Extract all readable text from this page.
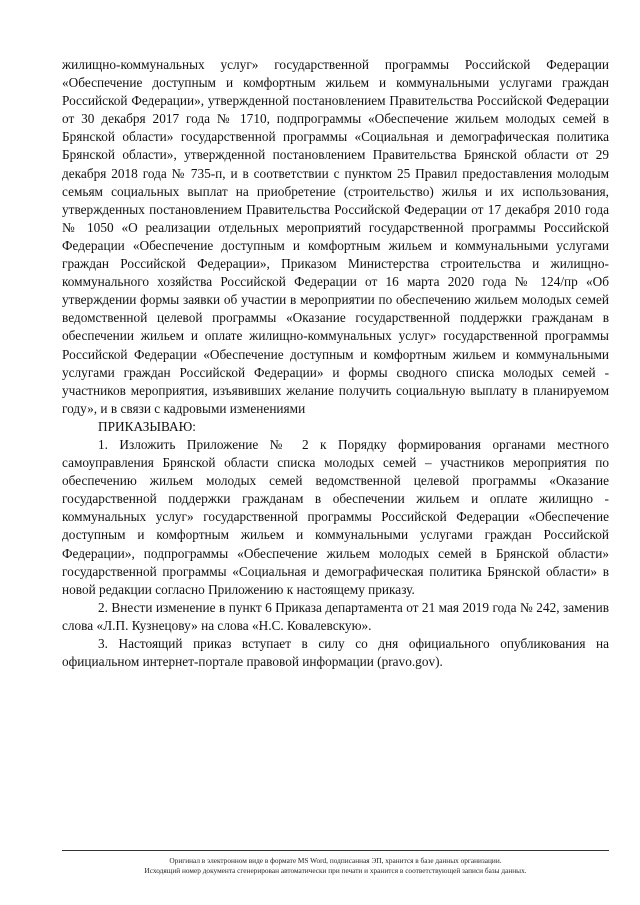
жилищно-коммунальных услуг» государственной программы Российской Федерации «Обеспечение доступным и комфортным жильем и коммунальными услугами граждан Российской Федерации», утвержденной постановлением Правительства Российской Федерации от 30 декабря 2017 года № 1710, подпрограммы «Обеспечение жильем молодых семей в Брянской области» государственной программы «Социальная и демографическая политика Брянской области», утвержденной постановлением Правительства Брянской области от 29 декабря 2018 года № 735-п, и в соответствии с пунктом 25 Правил предоставления молодым семьям социальных выплат на приобретение (строительство) жилья и их использования, утвержденных постановлением Правительства Российской Федерации от 17 декабря 2010 года № 1050 «О реализации отдельных мероприятий государственной программы Российской Федерации «Обеспечение доступным и комфортным жильем и коммунальными услугами граждан Российской Федерации», Приказом Министерства строительства и жилищно-коммунального хозяйства Российской Федерации от 16 марта 2020 года № 124/пр «Об утверждении формы заявки об участии в мероприятии по обеспечению жильем молодых семей ведомственной целевой программы «Оказание государственной поддержки гражданам в обеспечении жильем и оплате жилищно-коммунальных услуг» государственной программы Российской Федерации «Обеспечение доступным и комфортным жильем и коммунальными услугами граждан Российской Федерации» и формы сводного списка молодых семей - участников мероприятия, изъявивших желание получить социальную выплату в планируемом году», и в связи с кадровыми изменениями

ПРИКАЗЫВАЮ:

1. Изложить Приложение № 2 к Порядку формирования органами местного самоуправления Брянской области списка молодых семей – участников мероприятия по обеспечению жильем молодых семей ведомственной целевой программы «Оказание государственной поддержки гражданам в обеспечении жильем и оплате жилищно - коммунальных услуг» государственной программы Российской Федерации «Обеспечение доступным и комфортным жильем и коммунальными услугами граждан Российской Федерации», подпрограммы «Обеспечение жильем молодых семей в Брянской области» государственной программы «Социальная и демографическая политика Брянской области» в новой редакции согласно Приложению к настоящему приказу.

2. Внести изменение в пункт 6 Приказа департамента от 21 мая 2019 года № 242, заменив слова «Л.П. Кузнецову» на слова «Н.С. Ковалевскую».

3. Настоящий приказ вступает в силу со дня официального опубликования на официальном интернет-портале правовой информации (pravo.gov).

Оригинал в электронном виде в формате MS Word, подписанная ЭП, хранится в базе данных организации.
Исходящий номер документа сгенерирован автоматически при печати и хранится в соответствующей записи базы данных.
